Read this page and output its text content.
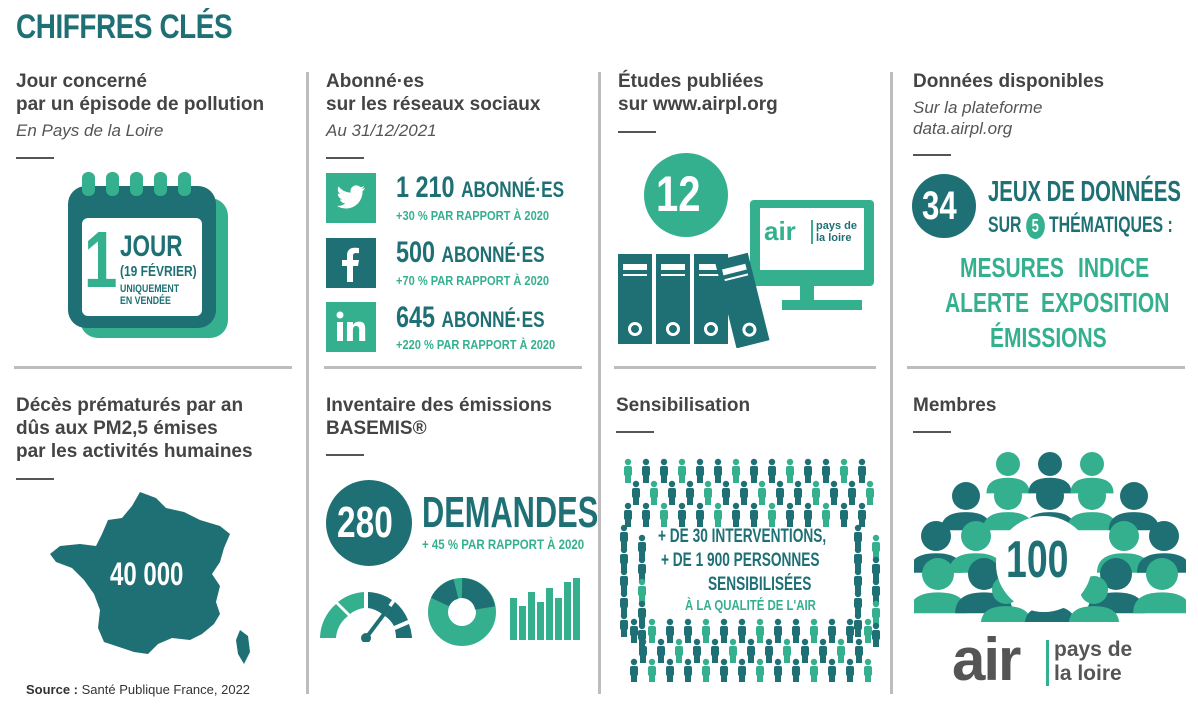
CHIFFRES CLÉS
Jour concerné
par un épisode de pollution
En Pays de la Loire
1 JOUR
(19 FÉVRIER)
UNIQUEMENT
EN VENDÉE
Abonné·es
sur les réseaux sociaux
Au 31/12/2021
1 210 ABONNÉ·ES
+30 % PAR RAPPORT À 2020
500 ABONNÉ·ES
+70 % PAR RAPPORT À 2020
645 ABONNÉ·ES
+220 % PAR RAPPORT À 2020
Études publiées
sur www.airpl.org
12
air pays de
la loire
Données disponibles
Sur la plateforme
data.airpl.org
34 JEUX DE DONNÉES
SUR 5 THÉMATIQUES :
MESURES INDICE
ALERTE EXPOSITION
ÉMISSIONS
Décès prématurés par an
dûs aux PM2,5 émises
par les activités humaines
40 000
Source : Santé Publique France, 2022
Inventaire des émissions
BASEMIS®
280 DEMANDES
+ 45 % PAR RAPPORT À 2020
Sensibilisation
+ DE 30 INTERVENTIONS,
+ DE 1 900 PERSONNES
SENSIBILISÉES
À LA QUALITÉ DE L'AIR
Membres
100
air pays de
la loire
